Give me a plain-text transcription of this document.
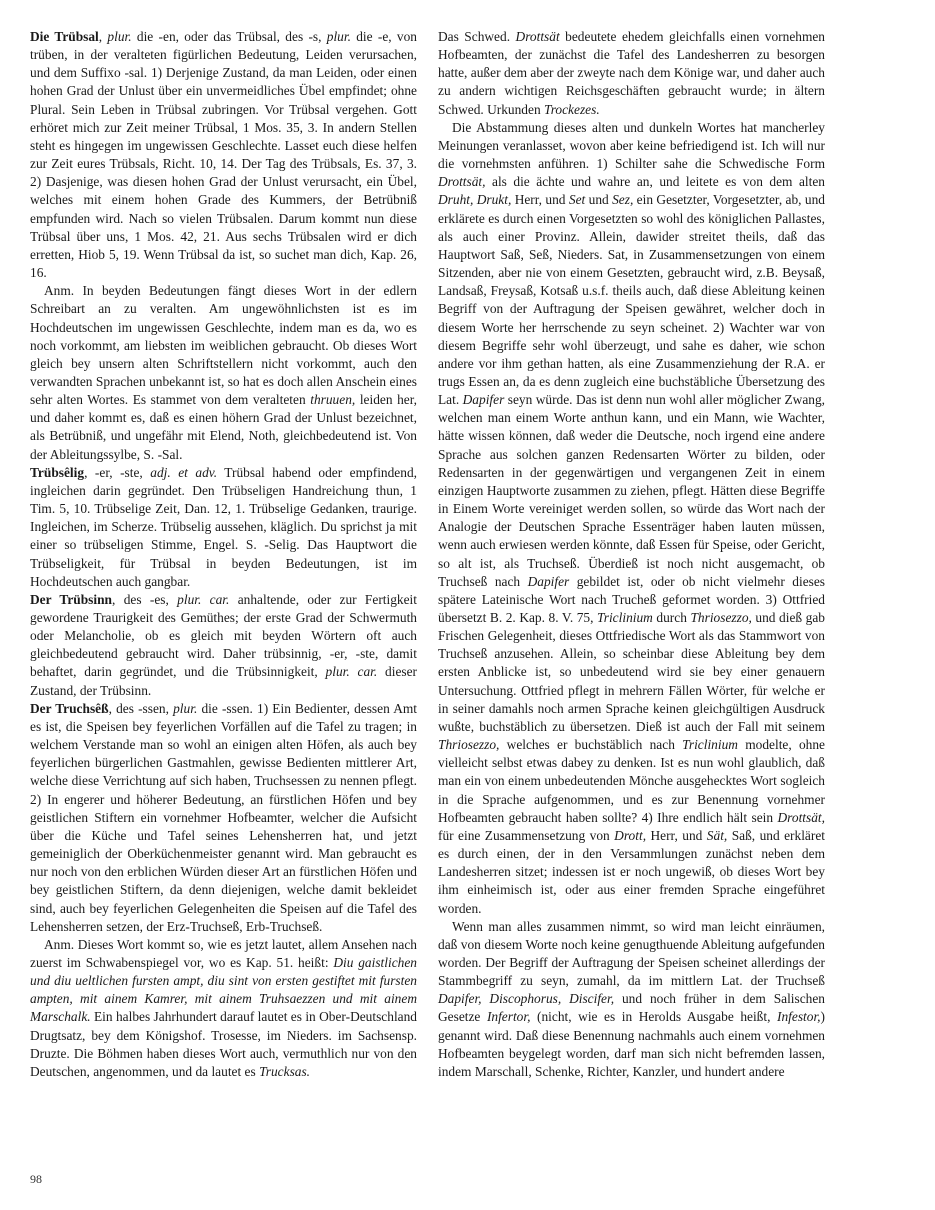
Die Trübsal, plur. die -en, oder das Trübsal, des -s, plur. die -e, von trüben, in der veralteten figürlichen Bedeutung, Leiden verursachen, und dem Suffixo -sal. 1) Derjenige Zustand, da man Leiden, oder einen hohen Grad der Unlust über ein unvermeidliches Übel empfindet; ohne Plural. Sein Leben in Trübsal zubringen. Vor Trübsal vergehen. Gott erhöret mich zur Zeit meiner Trübsal, 1 Mos. 35, 3. In andern Stellen steht es hingegen im ungewissen Geschlechte. Lasset euch diese helfen zur Zeit eures Trübsals, Richt. 10, 14. Der Tag des Trübsals, Es. 37, 3. 2) Dasjenige, was diesen hohen Grad der Unlust verursacht, ein Übel, welches mit einem hohen Grade des Kummers, der Betrübniß empfunden wird. Nach so vielen Trübsalen. Darum kommt nun diese Trübsal über uns, 1 Mos. 42, 21. Aus sechs Trübsalen wird er dich erretten, Hiob 5, 19. Wenn Trübsal da ist, so suchet man dich, Kap. 26, 16.

Anm. In beyden Bedeutungen fängt dieses Wort in der edlern Schreibart an zu veralten. Am ungewöhnlichsten ist es im Hochdeutschen im ungewissen Geschlechte, indem man es da, wo es noch vorkommt, am liebsten im weiblichen gebraucht. Ob dieses Wort gleich bey unsern alten Schriftstellern nicht vorkommt, auch den verwandten Sprachen unbekannt ist, so hat es doch allen Anschein eines sehr alten Wortes. Es stammet von dem veralteten thruuen, leiden her, und daher kommt es, daß es einen höhern Grad der Unlust bezeichnet, als Betrübniß, und ungefähr mit Elend, Noth, gleichbedeutend ist. Von der Ableitungssylbe, S. -Sal.

Trübsêlig, -er, -ste, adj. et adv. Trübsal habend oder empfindend, ingleichen darin gegründet. Den Trübseligen Handreichung thun, 1 Tim. 5, 10. Trübselige Zeit, Dan. 12, 1. Trübselige Gedanken, traurige. Ingleichen, im Scherze. Trübselig aussehen, kläglich. Du sprichst ja mit einer so trübseligen Stimme, Engel. S. -Selig. Das Hauptwort die Trübseligkeit, für Trübsal in beyden Bedeutungen, ist im Hochdeutschen auch gangbar.

Der Trübsinn, des -es, plur. car. anhaltende, oder zur Fertigkeit gewordene Traurigkeit des Gemüthes; der erste Grad der Schwermuth oder Melancholie, ob es gleich mit beyden Wörtern oft auch gleichbedeutend gebraucht wird. Daher trübsinnig, -er, -ste, damit behaftet, darin gegründet, und die Trübsinnigkeit, plur. car. dieser Zustand, der Trübsinn.

Der Truchsêß, des -ssen, plur. die -ssen. 1) Ein Bedienter, dessen Amt es ist, die Speisen bey feyerlichen Vorfällen auf die Tafel zu tragen; in welchem Verstande man so wohl an einigen alten Höfen, als auch bey feyerlichen bürgerlichen Gastmahlen, gewisse Bedienten mittlerer Art, welche diese Verrichtung auf sich haben, Truchsessen zu nennen pflegt. 2) In engerer und höherer Bedeutung, an fürstlichen Höfen und bey geistlichen Stiftern ein vornehmer Hofbeamter, welcher die Aufsicht über die Küche und Tafel seines Lehensherren hat, und jetzt gemeiniglich der Oberküchenmeister genannt wird. Man gebraucht es nur noch von den erblichen Würden dieser Art an fürstlichen Höfen und bey geistlichen Stiftern, da denn diejenigen, welche damit bekleidet sind, auch bey feyerlichen Gelegenheiten die Speisen auf die Tafel des Lehensherren setzen, der Erz-Truchseß, Erb-Truchseß.

Anm. Dieses Wort kommt so, wie es jetzt lautet, allem Ansehen nach zuerst im Schwabenspiegel vor, wo es Kap. 51. heißt: Diu gaistlichen und diu ueltlichen fursten ampt, diu sint von ersten gestiftet mit fursten ampten, mit ainem Kamrer, mit ainem Truhsaezzen und mit ainem Marschalk. Ein halbes Jahrhundert darauf lautet es in Ober-Deutschland Drugtsatz, bey dem Königshof. Trosesse, im Nieders. im Sachsensp. Druzte. Die Böhmen haben dieses Wort auch, vermuthlich nur von den Deutschen, angenommen, und da lautet es Trucksas.

Das Schwed. Drottsät bedeutete ehedem gleichfalls einen vornehmen Hofbeamten, der zunächst die Tafel des Landesherren zu besorgen hatte, außer dem aber der zweyte nach dem Könige war, und daher auch zu andern wichtigen Reichsgeschäften gebraucht wurde; in ältern Schwed. Urkunden Trockezes.

Die Abstammung dieses alten und dunkeln Wortes hat mancherley Meinungen veranlasset, wovon aber keine befriedigend ist. Ich will nur die vornehmsten anführen. 1) Schilter sahe die Schwedische Form Drottsät, als die ächte und wahre an, und leitete es von dem alten Druht, Drukt, Herr, und Set und Sez, ein Gesetzter, Vorgesetzter, ab, und erklärete es durch einen Vorgesetzten so wohl des königlichen Pallastes, als auch einer Provinz. Allein, dawider streitet theils, daß das Hauptwort Saß, Seß, Nieders. Sat, in Zusammensetzungen von einem Sitzenden, aber nie von einem Gesetzten, gebraucht wird, z.B. Beysaß, Landsaß, Freysaß, Kotsaß u.s.f. theils auch, daß diese Ableitung keinen Begriff von der Auftragung der Speisen gewähret, welcher doch in diesem Worte her herrschende zu seyn scheinet. 2) Wachter war von diesem Begriffe sehr wohl überzeugt, und sahe es daher, wie schon andere vor ihm gethan hatten, als eine Zusammenziehung der R.A. er trugs Essen an, da es denn zugleich eine buchstäbliche Übersetzung des Lat. Dapifer seyn würde. Das ist denn nun wohl aller möglicher Zwang, welchen man einem Worte anthun kann, und ein Mann, wie Wachter, hätte wissen können, daß weder die Deutsche, noch irgend eine andere Sprache aus solchen ganzen Redensarten Wörter zu bilden, oder Redensarten in der gegenwärtigen und vergangenen Zeit in einem einzigen Hauptworte zusammen zu ziehen, pflegt. Hätten diese Begriffe in Einem Worte vereiniget werden sollen, so würde das Wort nach der Analogie der Deutschen Sprache Essenträger haben lauten müssen, wenn auch erwiesen werden könnte, daß Essen für Speise, oder Gericht, so alt ist, als Truchseß. Überdieß ist noch nicht ausgemacht, ob Truchseß nach Dapifer gebildet ist, oder ob nicht vielmehr dieses spätere Lateinische Wort nach Truchеß geformet worden. 3) Ottfried übersetzt B. 2. Kap. 8. V. 75, Triclinium durch Thriosezzo, und dieß gab Frischen Gelegenheit, dieses Ottfriedische Wort als das Stammwort von Truchseß anzusehen. Allein, so scheinbar diese Ableitung bey dem ersten Anblicke ist, so unbedeutend wird sie bey einer genauern Untersuchung. Ottfried pflegt in mehrern Fällen Wörter, für welche er in seiner damahls noch armen Sprache keinen gleichgültigen Ausdruck wußte, buchstäblich zu übersetzen. Dieß ist auch der Fall mit seinem Thriosezzo, welches er buchstäblich nach Triclinium modelte, ohne vielleicht selbst etwas dabey zu denken. Ist es nun wohl glaublich, daß man ein von einem unbedeutenden Mönche ausgehecktes Wort sogleich in die Sprache aufgenommen, und es zur Benennung vornehmer Hofbeamten gebraucht haben sollte? 4) Ihre endlich hält sein Drottsät, für eine Zusammensetzung von Drott, Herr, und Sät, Saß, und erkläret es durch einen, der in den Versammlungen zunächst neben dem Landesherren sitzet; indessen ist er noch ungewiß, ob dieses Wort bey ihm einheimisch ist, oder aus einer fremden Sprache eingeführet worden.

Wenn man alles zusammen nimmt, so wird man leicht einräumen, daß von diesem Worte noch keine genugthuende Ableitung aufgefunden worden. Der Begriff der Auftragung der Speisen scheinet allerdings der Stammbegriff zu seyn, zumahl, da im mittlern Lat. der Truchseß Dapifer, Discophorus, Discifer, und noch früher in dem Salischen Gesetze Infertor, (nicht, wie es in Herolds Ausgabe heißt, Infestor,) genannt wird. Daß diese Benennung nachmahls auch einem vornehmen Hofbeamten beygelegt worden, darf man sich nicht befremden lassen, indem Marschall, Schenke, Richter, Kanzler, und hundert andere

98
